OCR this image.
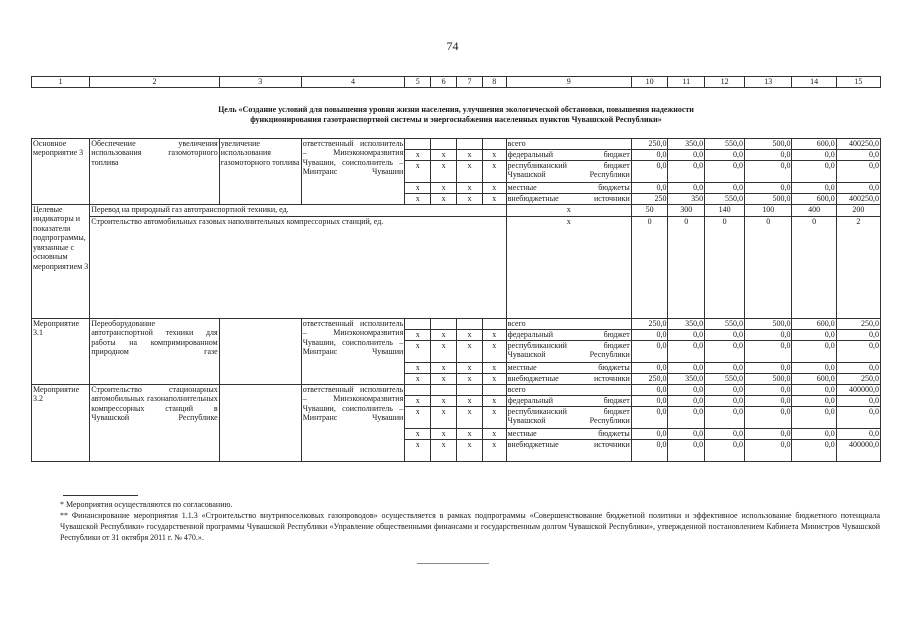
74
1	2	3	4	5	6	7	8	9	10	11	12	13	14	15
Цель «Создание условий для повышения уровня жизни населения, улучшения экологической обстановки, повышения надежности
функционирования газотранспортной системы и энергоснабжения населенных пунктов Чувашской Республики»														
Основное мероприятие 3	Обеспечение увеличения использования газомоторного топлива	увеличение использования газомоторного топлива	ответственный исполнитель – Минэкономразвития Чувашии, соисполнитель – Минтранс Чувашии					всего	250,0	350,0	550,0	500,0	600,0	400250,0
				x	x	x	x	федеральный бюджет	0,0	0,0	0,0	0,0	0,0	0,0
				x	x	x	x	республиканский бюджет Чувашской Республики	0,0	0,0	0,0	0,0	0,0	0,0
				x	x	x	x	местные бюджеты	0,0	0,0	0,0	0,0	0,0	0,0
				x	x	x	x	внебюджетные источники	250	350	550,0	500,0	600,0	400250,0
Целевые индикаторы и показатели подпрограммы, увязанные с основным мероприятием 3	Перевод на природный газ автотранспортной техники, ед.							x	50	300	140	100	400	200
	Строительство автомобильных газовых наполнительных компрессорных станций, ед.							x	0	0	0	0	0	2
Мероприятие 3.1	Переоборудование автотранспортной техники для работы на компримированном природном газе		ответственный исполнитель – Минэкономразвития Чувашии, соисполнитель – Минтранс Чувашии					всего	250,0	350,0	550,0	500,0	600,0	250,0
				x	x	x	x	федеральный бюджет	0,0	0,0	0,0	0,0	0,0	0,0
				x	x	x	x	республиканский бюджет Чувашской Республики	0,0	0,0	0,0	0,0	0,0	0,0
				x	x	x	x	местные бюджеты	0,0	0,0	0,0	0,0	0,0	0,0
				x	x	x	x	внебюджетные источники	250,0	350,0	550,0	500,0	600,0	250,0
Мероприятие 3.2	Строительство стационарных автомобильных газонаполнительных компрессорных станций в Чувашской Республике		ответственный исполнитель – Минэкономразвития Чувашии, соисполнитель – Минтранс Чувашии					всего	0,0	0,0	0,0	0,0	0,0	400000,0
				x	x	x	x	федеральный бюджет	0,0	0,0	0,0	0,0	0,0	0,0
				x	x	x	x	республиканский бюджет Чувашской Республики	0,0	0,0	0,0	0,0	0,0	0,0
				x	x	x	x	местные бюджеты	0,0	0,0	0,0	0,0	0,0	0,0
				x	x	x	x	внебюджетные источники	0,0	0,0	0,0	0,0	0,0	400000,0

* Мероприятия осуществляются по согласованию.

** Финансирование мероприятия 1.1.3 «Строительство внутрипоселковых газопроводов» осуществляется в рамках подпрограммы «Совершенствование бюджетной политики и эффективное использование бюджетного потенциала Чувашской Республики» государственной программы Чувашской Республики «Управление общественными финансами и государственным долгом Чувашской Республики», утвержденной постановлением Кабинета Министров Чувашской Республики от 31 октября 2011 г. № 470.».
